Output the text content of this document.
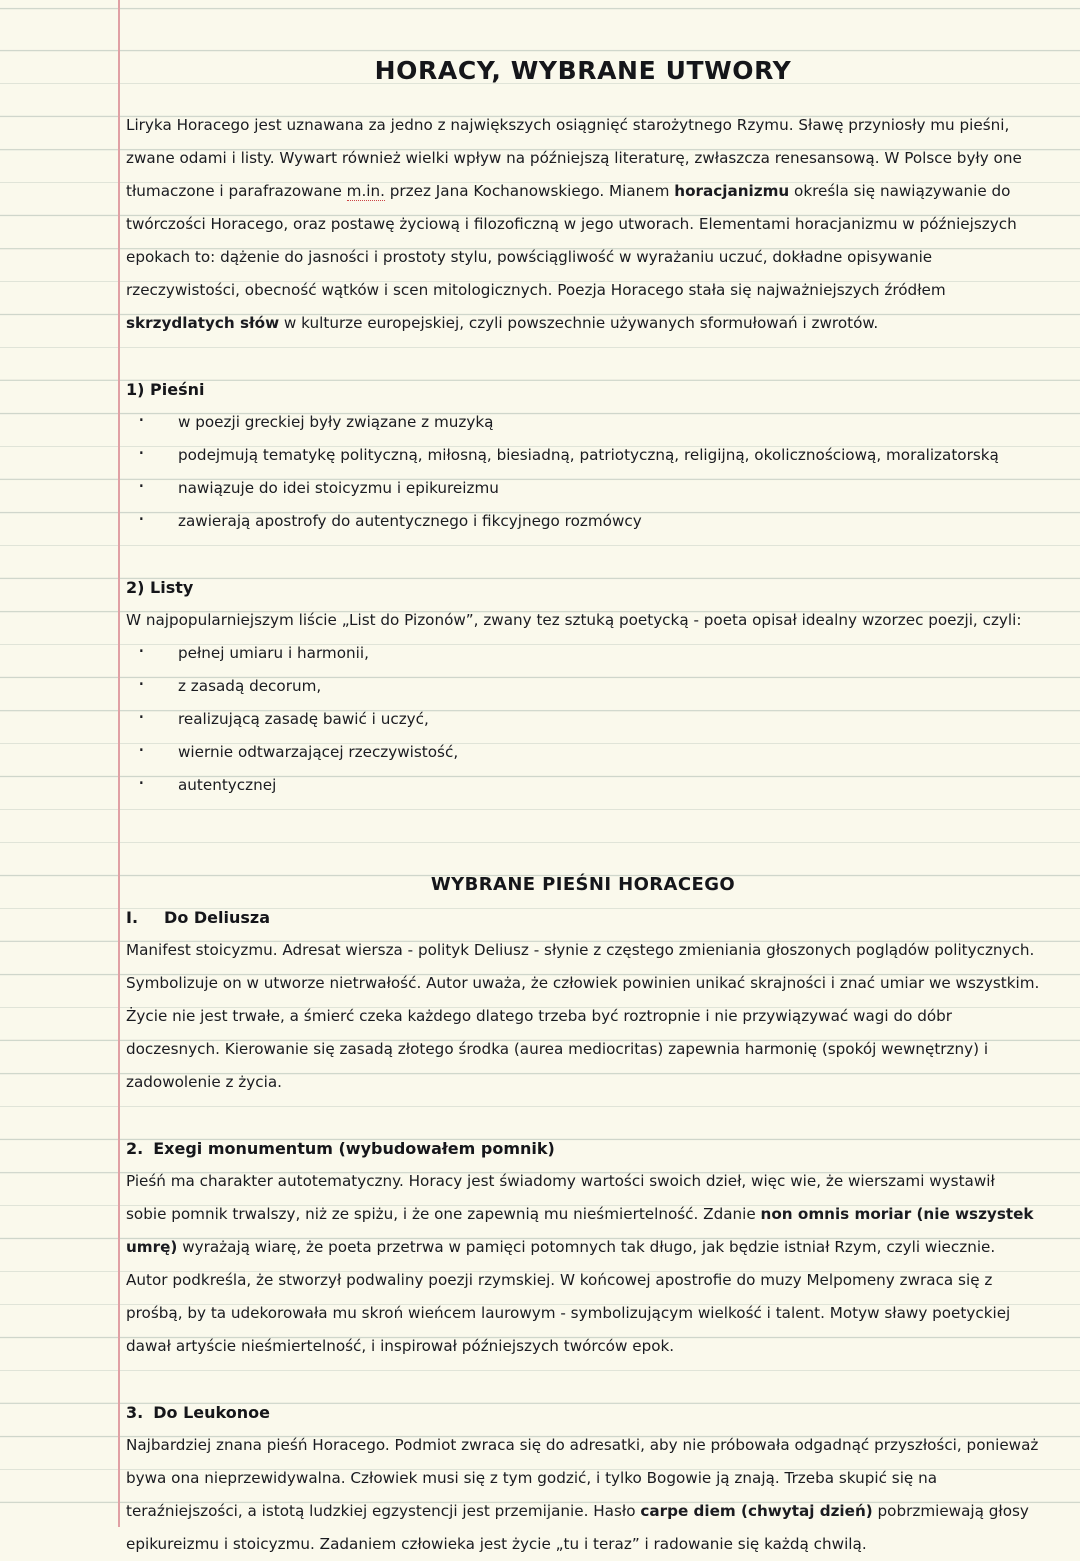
HORACY, WYBRANE UTWORY

Liryka Horacego jest uznawana za jedno z największych osiągnięć starożytnego Rzymu. Sławę przyniosły mu pieśni, zwane odami i listy. Wywart również wielki wpływ na późniejszą literaturę, zwłaszcza renesansową. W Polsce były one tłumaczone i parafrazowane m.in. przez Jana Kochanowskiego. Mianem horacjanizmu określa się nawiązywanie do twórczości Horacego, oraz postawę życiową i filozoficzną w jego utworach. Elementami horacjanizmu w późniejszych epokach to: dążenie do jasności i prostoty stylu, powściągliwość w wyrażaniu uczuć, dokładne opisywanie rzeczywistości, obecność wątków i scen mitologicznych. Poezja Horacego stała się najważniejszych źródłem skrzydlatych słów w kulturze europejskiej, czyli powszechnie używanych sformułowań i zwrotów.

1) Pieśni
· w poezji greckiej były związane z muzyką
· podejmują tematykę polityczną, miłosną, biesiadną, patriotyczną, religijną, okolicznościową, moralizatorską
· nawiązuje do idei stoicyzmu i epikureizmu
· zawierają apostrofy do autentycznego i fikcyjnego rozmówcy
2) Listy

W najpopularniejszym liście „List do Pizonów”, zwany tez sztuką poetycką - poeta opisał idealny wzorzec poezji, czyli:

· pełnej umiaru i harmonii,
· z zasadą decorum,
· realizującą zasadę bawić i uczyć,
· wiernie odtwarzającej rzeczywistość,
· autentycznej
WYBRANE PIEŚNI HORACEGO
I. Do Deliusza

Manifest stoicyzmu. Adresat wiersza - polityk Deliusz - słynie z częstego zmieniania głoszonych poglądów politycznych. Symbolizuje on w utworze nietrwałość. Autor uważa, że człowiek powinien unikać skrajności i znać umiar we wszystkim. Życie nie jest trwałe, a śmierć czeka każdego dlatego trzeba być roztropnie i nie przywiązywać wagi do dóbr doczesnych. Kierowanie się zasadą złotego środka (aurea mediocritas) zapewnia harmonię (spokój wewnętrzny) i zadowolenie z życia.

2. Exegi monumentum (wybudowałem pomnik)

Pieśń ma charakter autotematyczny. Horacy jest świadomy wartości swoich dzieł, więc wie, że wierszami wystawił sobie pomnik trwalszy, niż ze spiżu, i że one zapewnią mu nieśmiertelność. Zdanie non omnis moriar (nie wszystek umrę) wyrażają wiarę, że poeta przetrwa w pamięci potomnych tak długo, jak będzie istniał Rzym, czyli wiecznie. Autor podkreśla, że stworzył podwaliny poezji rzymskiej. W końcowej apostrofie do muzy Melpomeny zwraca się z prośbą, by ta udekorowała mu skroń wieńcem laurowym - symbolizującym wielkość i talent. Motyw sławy poetyckiej dawał artyście nieśmiertelność, i inspirował późniejszych twórców epok.

3. Do Leukonoe

Najbardziej znana pieśń Horacego. Podmiot zwraca się do adresatki, aby nie próbowała odgadnąć przyszłości, ponieważ bywa ona nieprzewidywalna. Człowiek musi się z tym godzić, i tylko Bogowie ją znają. Trzeba skupić się na teraźniejszości, a istotą ludzkiej egzystencji jest przemijanie. Hasło carpe diem (chwytaj dzień) pobrzmiewają głosy epikureizmu i stoicyzmu. Zadaniem człowieka jest życie „tu i teraz” i radowanie się każdą chwilą.
